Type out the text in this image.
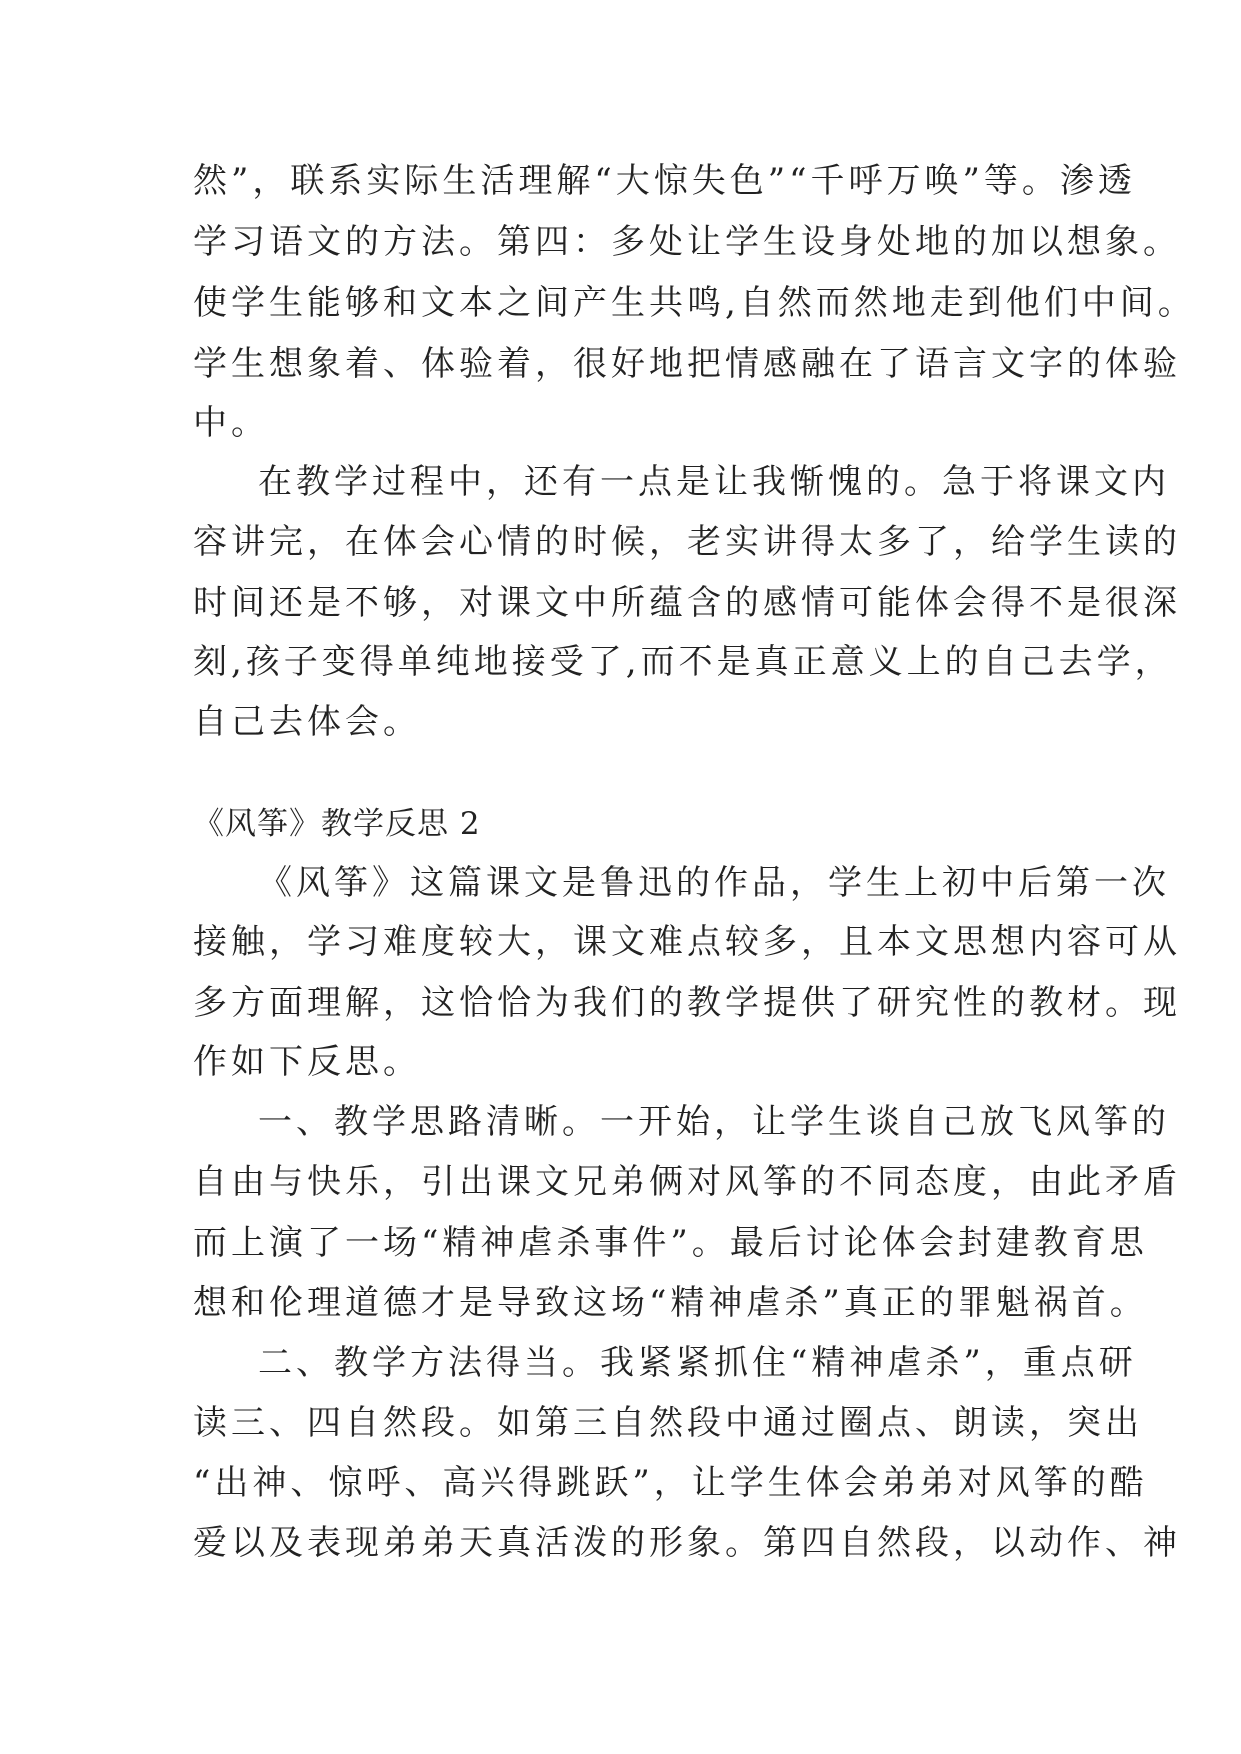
然”，联系实际生活理解“大惊失色”“千呼万唤”等。渗透
学习语文的方法。第四：多处让学生设身处地的加以想象。
使学生能够和文本之间产生共鸣,自然而然地走到他们中间。
学生想象着、体验着，很好地把情感融在了语言文字的体验
中。
在教学过程中，还有一点是让我惭愧的。急于将课文内
容讲完，在体会心情的时候，老实讲得太多了，给学生读的
时间还是不够，对课文中所蕴含的感情可能体会得不是很深
刻,孩子变得单纯地接受了,而不是真正意义上的自己去学，
自己去体会。
《风筝》教学反思 2
《风筝》这篇课文是鲁迅的作品，学生上初中后第一次
接触，学习难度较大，课文难点较多，且本文思想内容可从
多方面理解，这恰恰为我们的教学提供了研究性的教材。现
作如下反思。
一、教学思路清晰。一开始，让学生谈自己放飞风筝的
自由与快乐，引出课文兄弟俩对风筝的不同态度，由此矛盾
而上演了一场“精神虐杀事件”。最后讨论体会封建教育思
想和伦理道德才是导致这场“精神虐杀”真正的罪魁祸首。
二、教学方法得当。我紧紧抓住“精神虐杀”，重点研
读三、四自然段。如第三自然段中通过圈点、朗读，突出
“出神、惊呼、高兴得跳跃”，让学生体会弟弟对风筝的酷
爱以及表现弟弟天真活泼的形象。第四自然段，以动作、神
